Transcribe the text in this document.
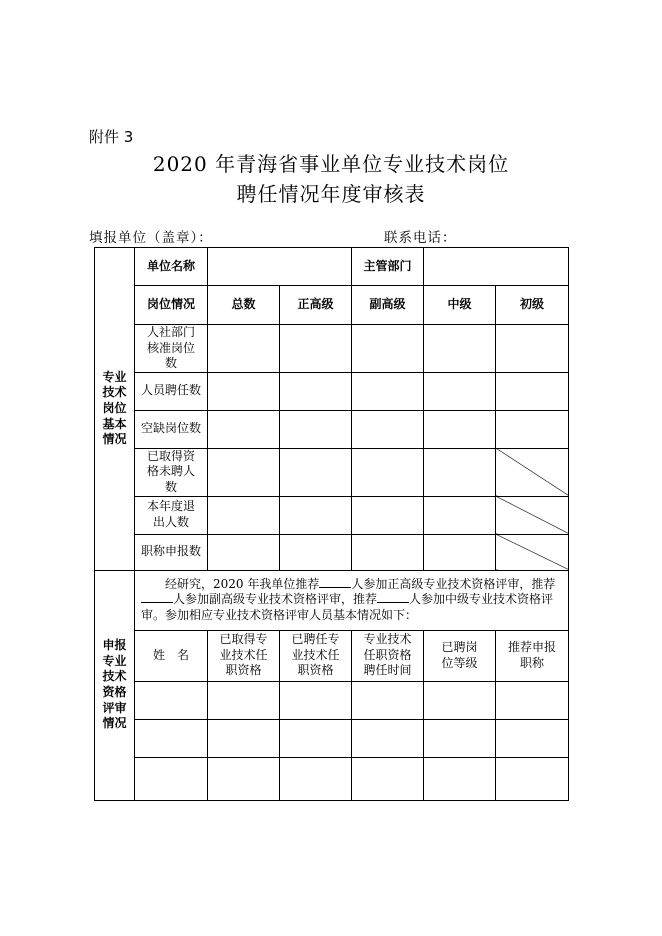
附件 3
2020 年青海省事业单位专业技术岗位
聘任情况年度审核表
填报单位（盖章）：	联系电话：
专业技术岗位基本情况	单位名称			主管部门		
	岗位情况	总数	正高级	副高级	中级	初级

	人社部门核准岗位数					

	人员聘任数					
	空缺岗位数					

	已取得资格未聘人数					

	本年度退出人数					

	职称申报数					

申报专业技术资格评审情况	经研究，2020 年我单位推荐 人参加正高级专业技术资格评审，推荐人参加副高级专业技术资格评审，推荐 人参加中级专业技术资格评审。参加相应专业技术资格评审人员基本情况如下：					
	姓　名	已取得专业技术任职资格	已聘任专业技术任职资格	专业技术任职资格聘任时间	已聘岗位等级	推荐申报职称
